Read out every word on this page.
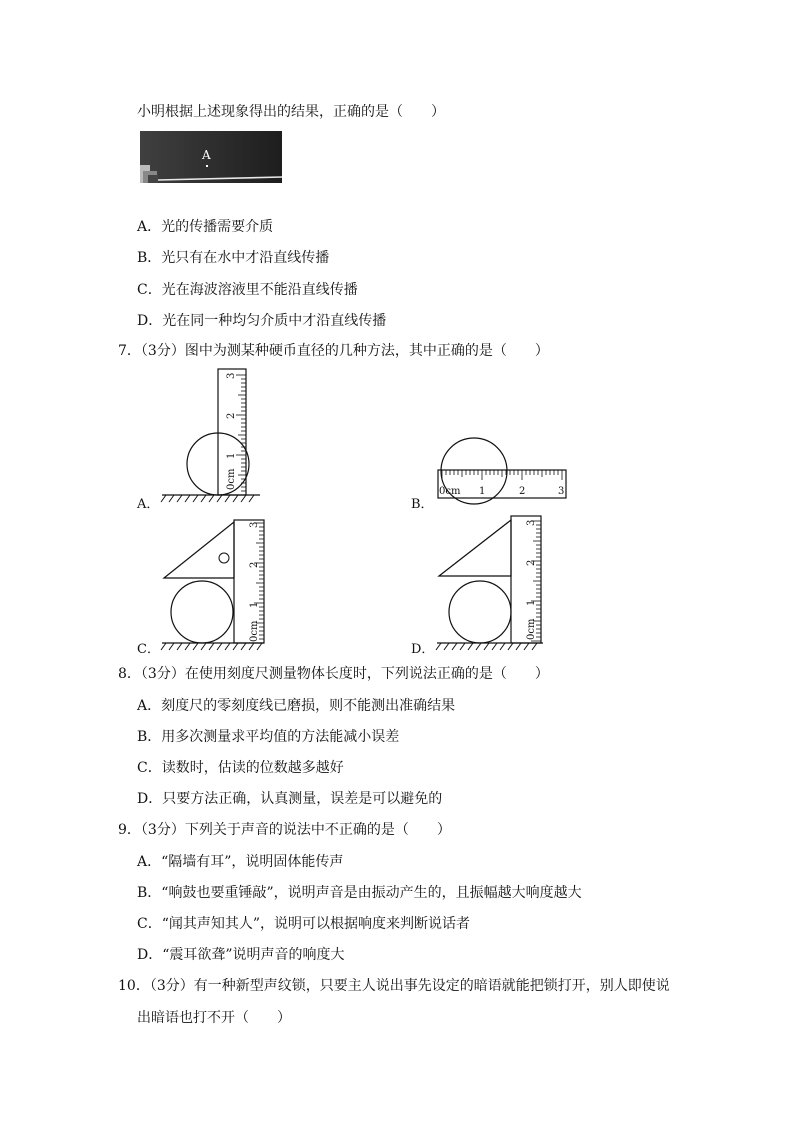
小明根据上述现象得出的结果，正确的是（　　）
A
A．光的传播需要介质
B．光只有在水中才沿直线传播
C．光在海波溶液里不能沿直线传播
D．光在同一种均匀介质中才沿直线传播
7．（3分）图中为测某种硬币直径的几种方法，其中正确的是（　　）
0cm
1
2
3
A．
0cm 1	2	3
B．
0cm
1
2
3
C．
0cm
1
2
3
D．
8．（3分）在使用刻度尺测量物体长度时，下列说法正确的是（　　）
A．刻度尺的零刻度线已磨损，则不能测出准确结果
B．用多次测量求平均值的方法能减小误差
C．读数时，估读的位数越多越好
D．只要方法正确，认真测量，误差是可以避免的
9．（3分）下列关于声音的说法中不正确的是（　　）
A．“隔墙有耳”，说明固体能传声
B．“响鼓也要重锤敲”，说明声音是由振动产生的，且振幅越大响度越大
C．“闻其声知其人”，说明可以根据响度来判断说话者
D．“震耳欲聋”说明声音的响度大
10．（3分）有一种新型声纹锁，只要主人说出事先设定的暗语就能把锁打开，别人即使说
出暗语也打不开（　　）
